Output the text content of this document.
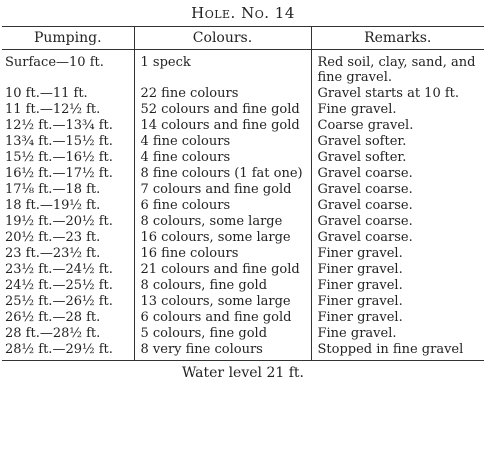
Hole. No. 14
Pumping.	Colours.	Remarks.
Surface—10 ft.	1 speck	Red soil, clay, sand, and fine gravel.
10 ft.—11 ft.	22 fine colours	Gravel starts at 10 ft.
11 ft.—12½ ft.	52 colours and fine gold	Fine gravel.
12½ ft.—13¾ ft.	14 colours and fine gold	Coarse gravel.
13¾ ft.—15½ ft.	4 fine colours	Gravel softer.
15½ ft.—16½ ft.	4 fine colours	Gravel softer.
16½ ft.—17½ ft.	8 fine colours (1 fat one)	Gravel coarse.
17⅛ ft.—18 ft.	7 colours and fine gold	Gravel coarse.
18 ft.—19½ ft.	6 fine colours	Gravel coarse.
19½ ft.—20½ ft.	8 colours, some large	Gravel coarse.
20½ ft.—23 ft.	16 colours, some large	Gravel coarse.
23 ft.—23½ ft.	16 fine colours	Finer gravel.
23½ ft.—24½ ft.	21 colours and fine gold	Finer gravel.
24½ ft.—25½ ft.	8 colours, fine gold	Finer gravel.
25½ ft.—26½ ft.	13 colours, some large	Finer gravel.
26½ ft.—28 ft.	6 colours and fine gold	Finer gravel.
28 ft.—28½ ft.	5 colours, fine gold	Fine gravel.
28½ ft.—29½ ft.	8 very fine colours	Stopped in fine gravel
Water level 21 ft.
